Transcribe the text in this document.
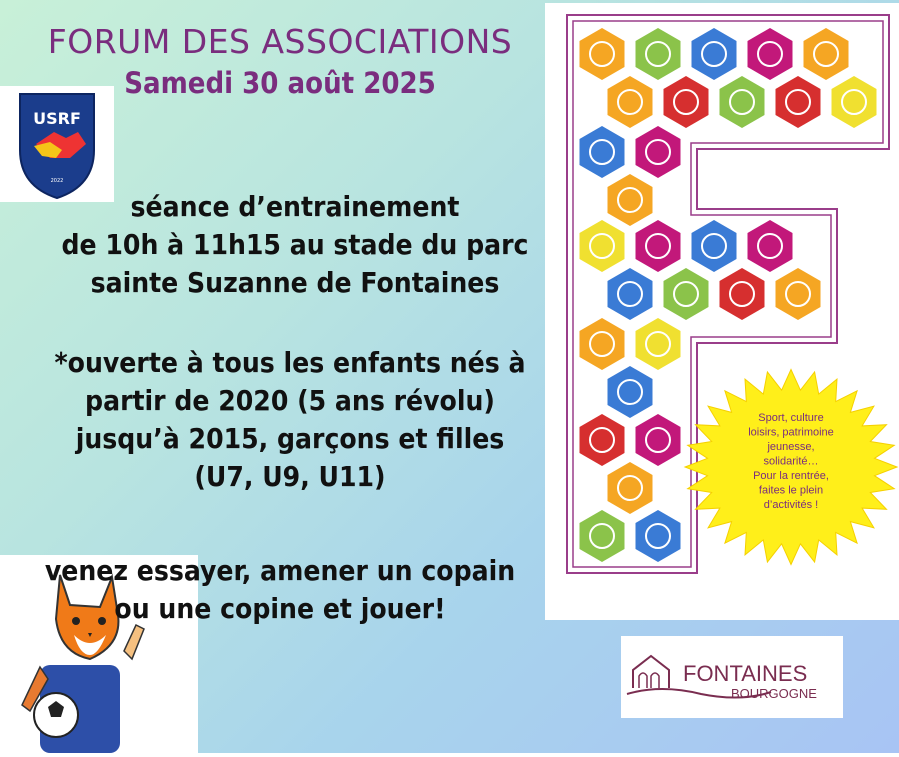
FORUM DES ASSOCIATIONS
Samedi 30 août 2025
USRF
2022
séance d’entrainement
de 10h à 11h15 au stade du parc
sainte Suzanne de Fontaines
*ouverte à tous les enfants nés à
partir de 2020 (5 ans révolu)
jusqu’à 2015, garçons et filles
(U7, U9, U11)
venez essayer, amener un copain
ou une copine et jouer!
Sport, culture loisirs, patrimoine jeunesse, solidarité… Pour la rentrée, faites le plein d’activités !
FONTAINES
BOURGOGNE
